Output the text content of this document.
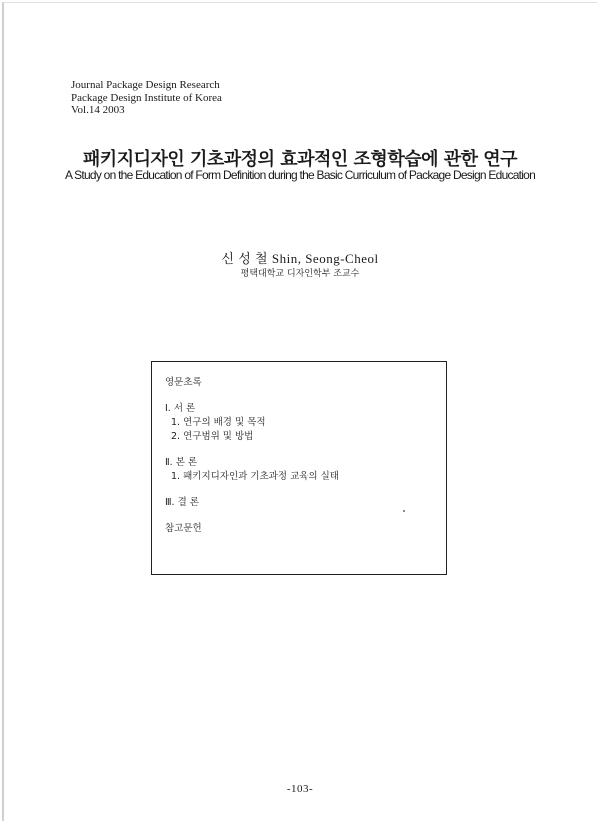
Journal Package Design Research
Package Design Institute of Korea
Vol.14 2003
패키지디자인 기초과정의 효과적인 조형학습에 관한 연구
A Study on the Education of Form Definition during the Basic Curriculum of Package Design Education
신 성 철 Shin, Seong-Cheol
평택대학교 디자인학부 조교수
영문초록
Ⅰ. 서 론
1. 연구의 배경 및 목적
2. 연구범위 및 방법
Ⅱ. 본 론
1. 패키지디자인과 기초과정 교육의 실태
Ⅲ. 결 론
참고문헌
-103-
